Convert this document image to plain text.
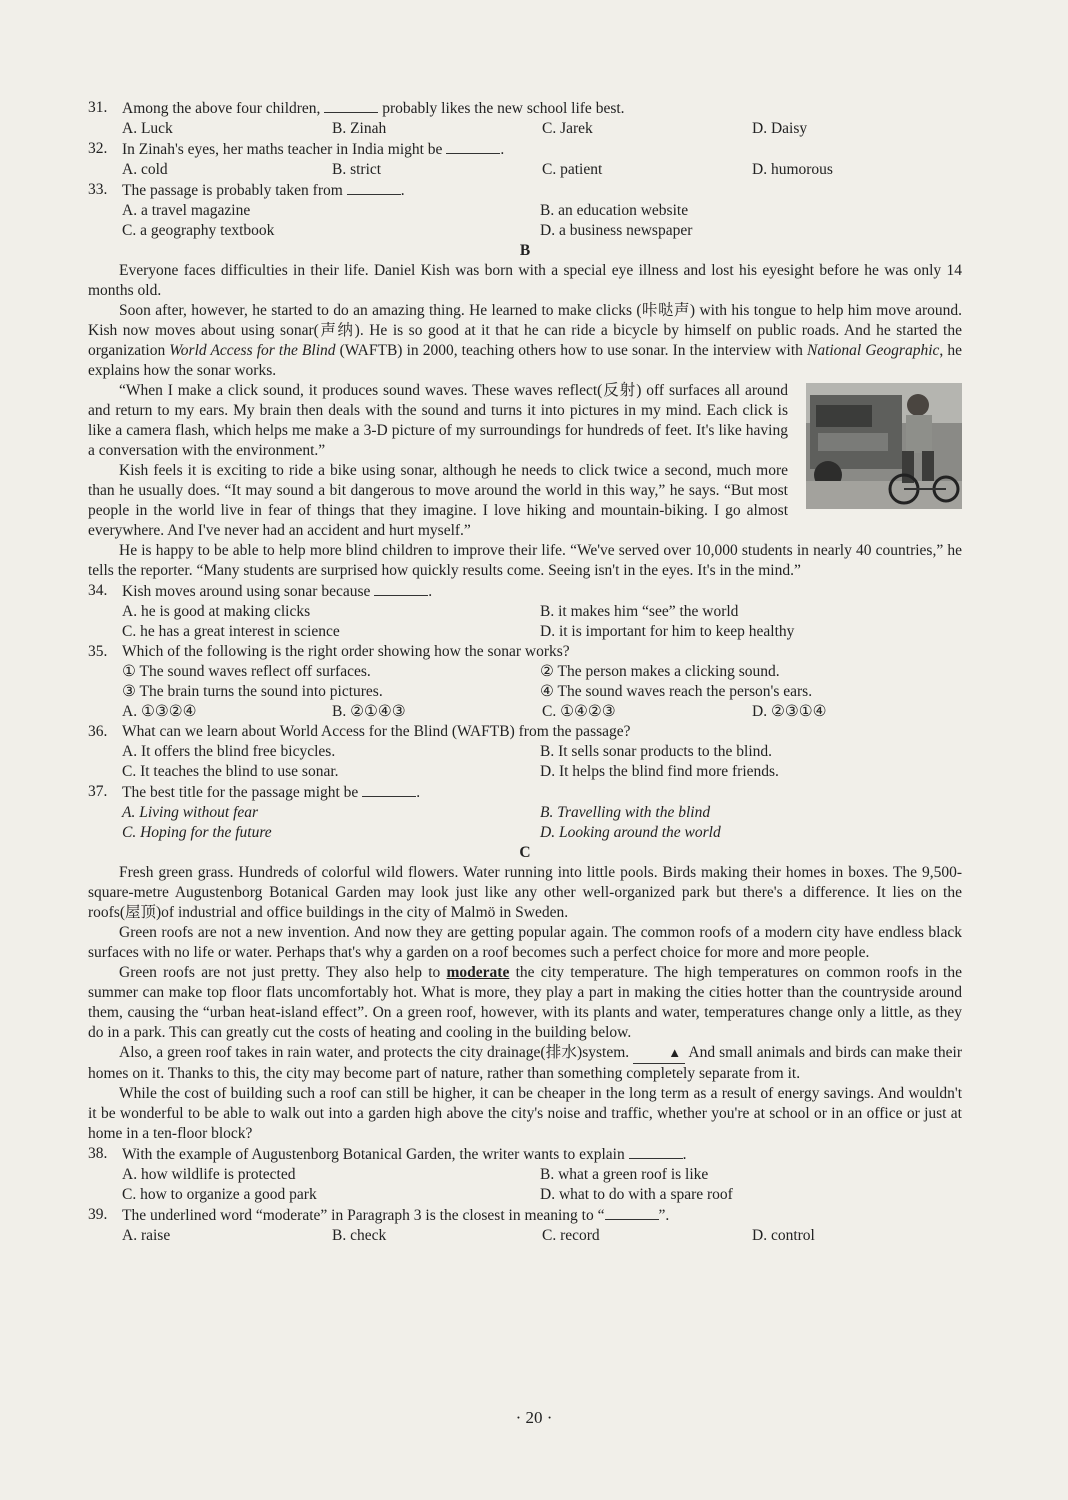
31. Among the above four children,	probably likes the new school life best.
A. Luck	B. Zinah	C. Jarek	D. Daisy
32. In Zinah's eyes, her maths teacher in India might be	.
A. cold	B. strict	C. patient	D. humorous
33. The passage is probably taken from	.
A. a travel magazine	B. an education website
C. a geography textbook	D. a business newspaper
B

Everyone faces difficulties in their life. Daniel Kish was born with a special eye illness and lost his eyesight before he was only 14 months old.

Soon after, however, he started to do an amazing thing. He learned to make clicks (咔哒声) with his tongue to help him move around. Kish now moves about using sonar(声纳). He is so good at it that he can ride a bicycle by himself on public roads. And he started the organization World Access for the Blind (WAFTB) in 2000, teaching others how to use sonar. In the interview with National Geographic, he explains how the sonar works.

“When I make a click sound, it produces sound waves. These waves reflect(反射) off surfaces all around and return to my ears. My brain then deals with the sound and turns it into pictures in my mind. Each click is like a camera flash, which helps me make a 3-D picture of my surroundings for hundreds of feet. It's like having a conversation with the environment.”

Kish feels it is exciting to ride a bike using sonar, although he needs to click twice a second, much more than he usually does. “It may sound a bit dangerous to move around the world in this way,” he says. “But most people in the world live in fear of things that they imagine. I love hiking and mountain-biking. I go almost everywhere. And I've never had an accident and hurt myself.”

He is happy to be able to help more blind children to improve their life. “We've served over 10,000 students in nearly 40 countries,” he tells the reporter. “Many students are surprised how quickly results come. Seeing isn't in the eyes. It's in the mind.”

34. Kish moves around using sonar because	.
A. he is good at making clicks	B. it makes him “see” the world
C. he has a great interest in science	D. it is important for him to keep healthy
35. Which of the following is the right order showing how the sonar works?
① The sound waves reflect off surfaces.	② The person makes a clicking sound.
③ The brain turns the sound into pictures.	④ The sound waves reach the person's ears.
A. ①③②④	B. ②①④③	C. ①④②③	D. ②③①④
36. What can we learn about World Access for the Blind (WAFTB) from the passage?
A. It offers the blind free bicycles.	B. It sells sonar products to the blind.
C. It teaches the blind to use sonar.	D. It helps the blind find more friends.
37. The best title for the passage might be	.
A. Living without fear	B. Travelling with the blind
C. Hoping for the future	D. Looking around the world
C

Fresh green grass. Hundreds of colorful wild flowers. Water running into little pools. Birds making their homes in boxes. The 9,500-square-metre Augustenborg Botanical Garden may look just like any other well-organized park but there's a difference. It lies on the roofs(屋顶)of industrial and office buildings in the city of Malmö in Sweden.

Green roofs are not a new invention. And now they are getting popular again. The common roofs of a modern city have endless black surfaces with no life or water. Perhaps that's why a garden on a roof becomes such a perfect choice for more and more people.

Green roofs are not just pretty. They also help to moderate the city temperature. The high temperatures on common roofs in the summer can make top floor flats uncomfortably hot. What is more, they play a part in making the cities hotter than the countryside around them, causing the “urban heat-island effect”. On a green roof, however, with its plants and water, temperatures change only a little, as they do in a park. This can greatly cut the costs of heating and cooling in the building below.

Also, a green roof takes in rain water, and protects the city drainage(排水)system.	▲ And small animals and birds can make their homes on it. Thanks to this, the city may become part of nature, rather than something completely separate from it.

While the cost of building such a roof can still be higher, it can be cheaper in the long term as a result of energy savings. And wouldn't it be wonderful to be able to walk out into a garden high above the city's noise and traffic, whether you're at school or in an office or just at home in a ten-floor block?

38. With the example of Augustenborg Botanical Garden, the writer wants to explain	.
A. how wildlife is protected	B. what a green roof is like
C. how to organize a good park	D. what to do with a spare roof
39. The underlined word “moderate” in Paragraph 3 is the closest in meaning to “	”.
A. raise	B. check	C. record	D. control
· 20 ·
